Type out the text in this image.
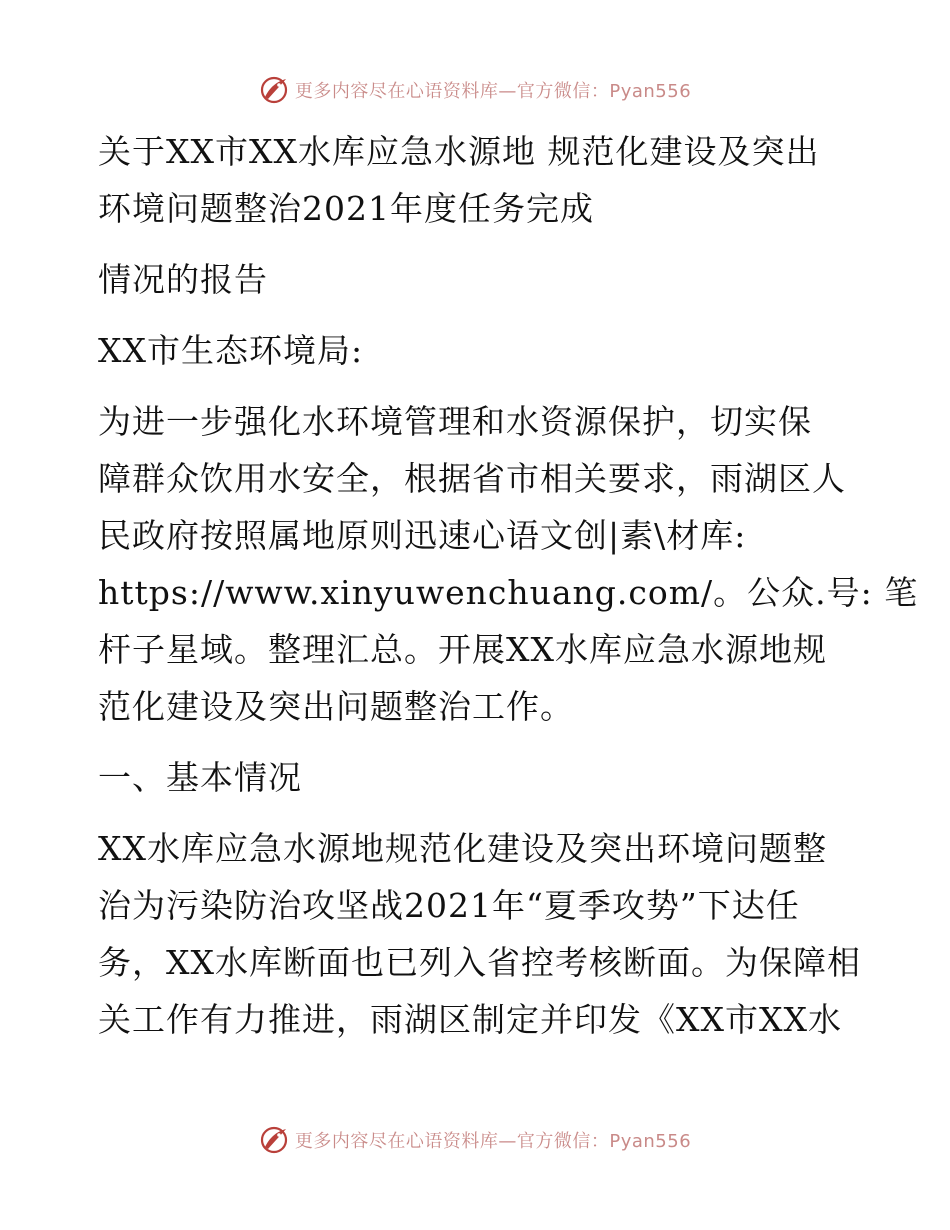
更多内容尽在心语资料库—官方微信：Pyan556
关于XX市XX水库应急水源地 规范化建设及突出
环境问题整治2021年度任务完成
情况的报告
XX市生态环境局:
为进一步强化水环境管理和水资源保护，切实保
障群众饮用水安全，根据省市相关要求，雨湖区人
民政府按照属地原则迅速心语文创|素\材库:
https://www.xinyuwenchuang.com/。公众.号: 笔
杆子星域。整理汇总。开展XX水库应急水源地规
范化建设及突出问题整治工作。
一、基本情况
XX水库应急水源地规范化建设及突出环境问题整
治为污染防治攻坚战2021年“夏季攻势”下达任
务，XX水库断面也已列入省控考核断面。为保障相
关工作有力推进，雨湖区制定并印发《XX市XX水
更多内容尽在心语资料库—官方微信：Pyan556
